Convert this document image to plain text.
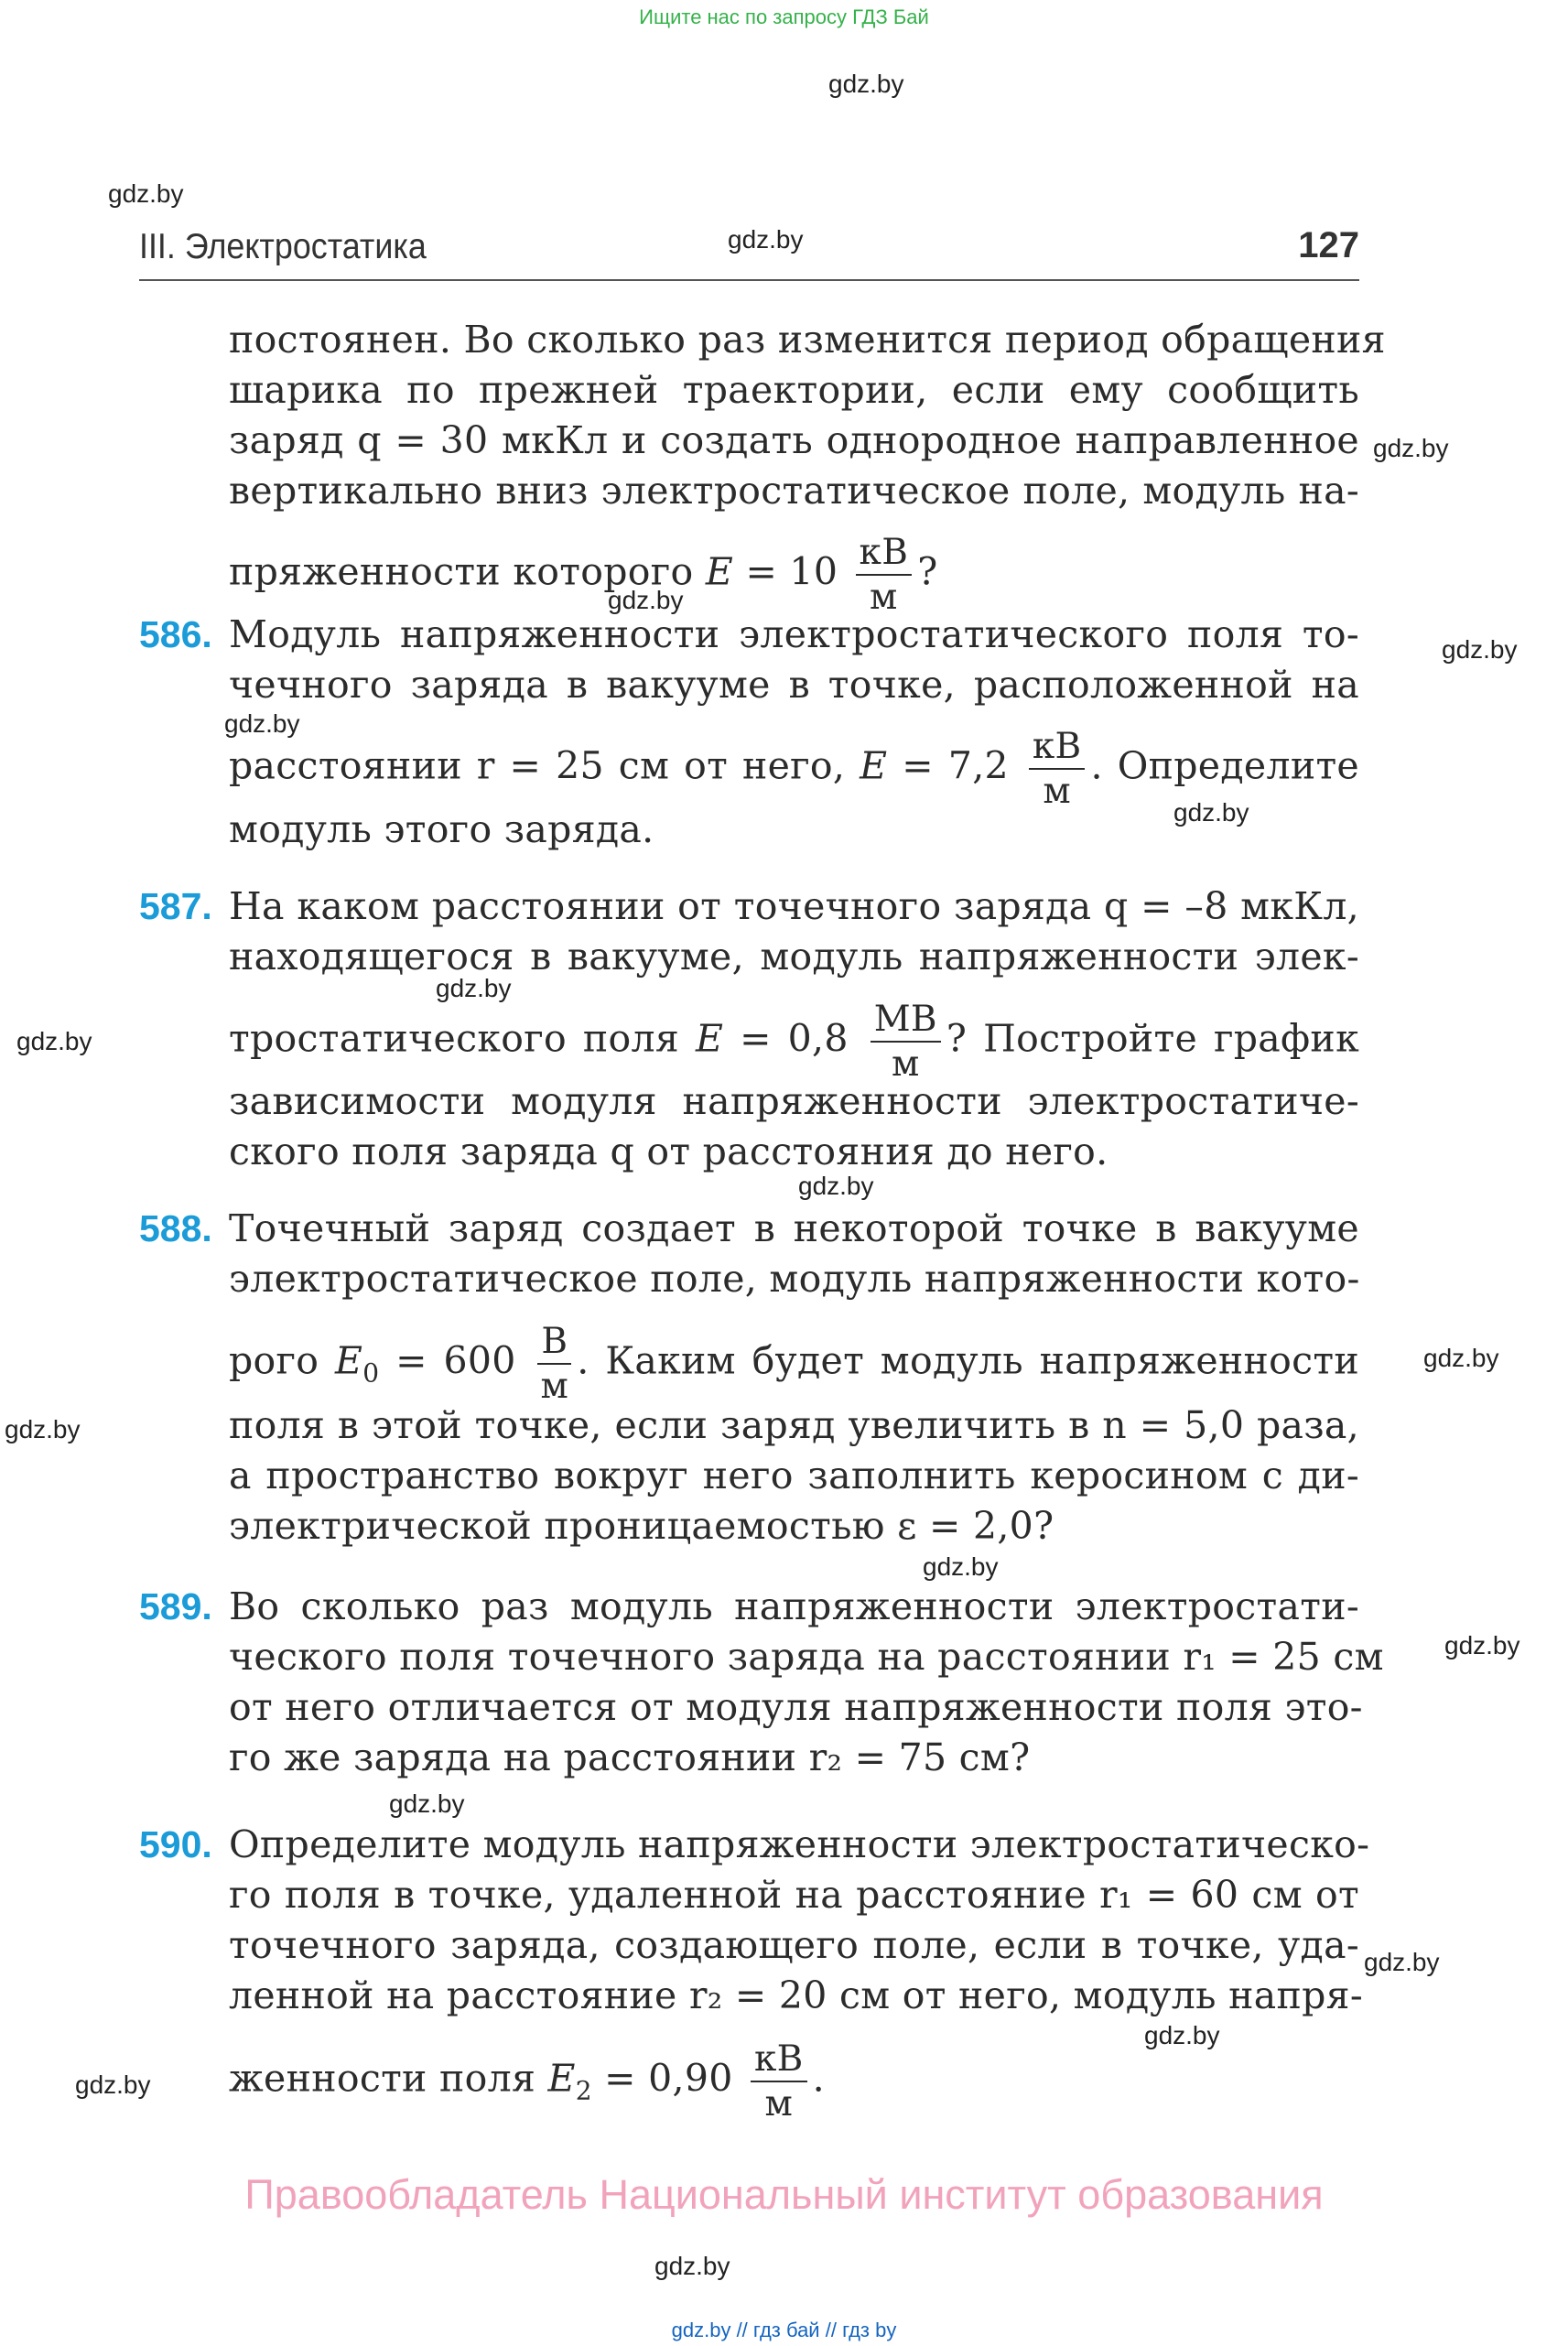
Ищите нас по запросу ГДЗ Бай
gdz.by
gdz.by
gdz.by
gdz.by
gdz.by
gdz.by
gdz.by
gdz.by
gdz.by
gdz.by
gdz.by
gdz.by
gdz.by
gdz.by
gdz.by
gdz.by
gdz.by
gdz.by
gdz.by
gdz.by
III. Электростатика	127
постоянен. Во сколько раз изменится период обращения
шарика по прежней траектории, если ему сообщить
заряд q = 30 мкКл и создать однородное направленное
вертикально вниз электростатическое поле, модуль на-
пряженности которого $E = 10 \frac{кВ}{м}$ ?
586. Модуль напряженности электростатического поля то-
чечного заряда в вакууме в точке, расположенной на
расстоянии r = 25 см от него, $E = 7,2 \frac{кВ}{м}$ . Определите
модуль этого заряда.
587. На каком расстоянии от точечного заряда q = –8 мкКл,
находящегося в вакууме, модуль напряженности элек-
тростатического поля $E = 0,8 \frac{МВ}{м}$ ? Постройте график
зависимости модуля напряженности электростатиче-
ского поля заряда q от расстояния до него.
588. Точечный заряд создает в некоторой точке в вакууме
электростатическое поле, модуль напряженности кото-
рого $E_0 = 600 \frac{В}{м}$ . Каким будет модуль напряженности
поля в этой точке, если заряд увеличить в n = 5,0 раза,
а пространство вокруг него заполнить керосином с ди-
электрической проницаемостью ε = 2,0?
589. Во сколько раз модуль напряженности электростати-
ческого поля точечного заряда на расстоянии r₁ = 25 см
от него отличается от модуля напряженности поля это-
го же заряда на расстоянии r₂ = 75 см?
590. Определите модуль напряженности электростатическо-
го поля в точке, удаленной на расстояние r₁ = 60 см от
точечного заряда, создающего поле, если в точке, уда-
ленной на расстояние r₂ = 20 см от него, модуль напря-
женности поля $E_2 = 0,90 \frac{кВ}{м}$ .
Правообладатель Национальный институт образования
gdz.by // гдз бай // гдз by
